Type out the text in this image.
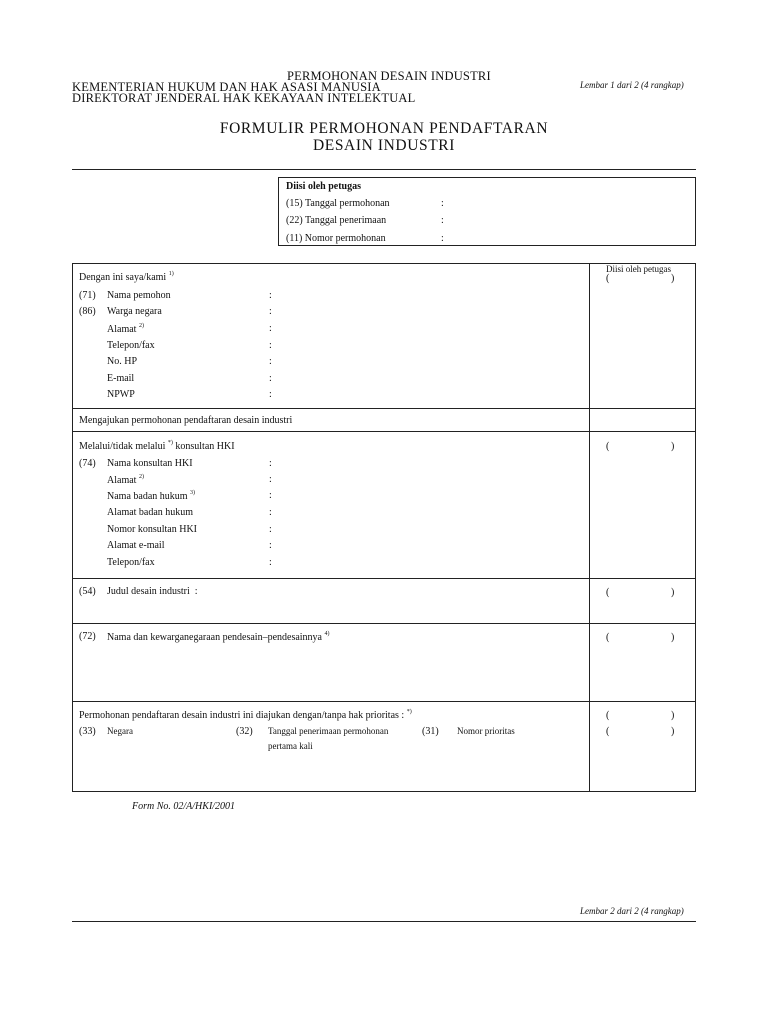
PERMOHONAN DESAIN INDUSTRI
KEMENTERIAN HUKUM DAN HAK ASASI MANUSIA
DIREKTORAT JENDERAL HAK KEKAYAAN INTELEKTUAL
Lembar 1 dari 2 (4 rangkap)
FORMULIR PERMOHONAN PENDAFTARAN
DESAIN INDUSTRI
Diisi oleh petugas
(15) Tanggal permohonan	:
(22) Tanggal penerimaan	:
(11) Nomor permohonan	:
Dengan ini saya/kami $^{1)}$	Diisi oleh petugas
(	)
(71) Nama pemohon	:
(86) Warga negara	:
Alamat $^{2)}$	:
Telepon/fax	:
No. HP	:
E-mail	:
NPWP	:
Mengajukan permohonan pendaftaran desain industri
Melalui/tidak melalui *) konsultan HKI	(	)
(74) Nama konsultan HKI	:
Alamat $^{2)}$	:
Nama badan hukum $^{3)}$	:
Alamat badan hukum	:
Nomor konsultan HKI	:
Alamat e-mail	:
Telepon/fax	:
(54) Judul desain industri :	(	)
(72) Nama dan kewarganegaraan pendesain–pendesainnya $^{4)}$	(	)
Permohonan pendaftaran desain industri ini diajukan dengan/tanpa hak prioritas : *)	(	)
(	)
(33) Negara	(32) Tanggal penerimaan permohonan
pertama kali
(31) Nomor prioritas
Form No. 02/A/HKI/2001
Lembar 2 dari 2 (4 rangkap)
